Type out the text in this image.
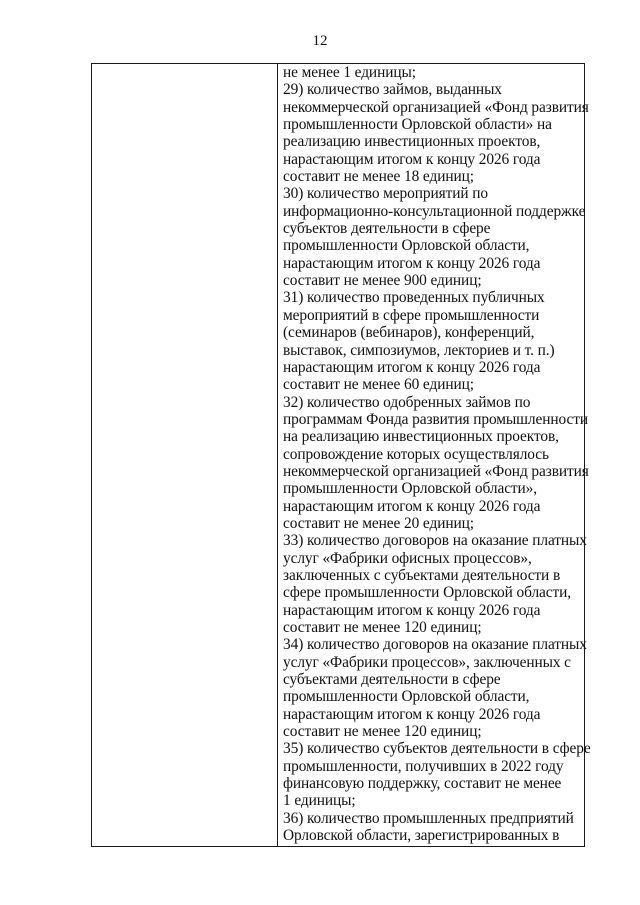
12

не менее 1 единицы;
29) количество займов, выданных
некоммерческой организацией «Фонд развития
промышленности Орловской области» на
реализацию инвестиционных проектов,
нарастающим итогом к концу 2026 года
составит не менее 18 единиц;
30) количество мероприятий по
информационно-консультационной поддержке
субъектов деятельности в сфере
промышленности Орловской области,
нарастающим итогом к концу 2026 года
составит не менее 900 единиц;
31) количество проведенных публичных
мероприятий в сфере промышленности
(семинаров (вебинаров), конференций,
выставок, симпозиумов, лекториев и т. п.)
нарастающим итогом к концу 2026 года
составит не менее 60 единиц;
32) количество одобренных займов по
программам Фонда развития промышленности
на реализацию инвестиционных проектов,
сопровождение которых осуществлялось
некоммерческой организацией «Фонд развития
промышленности Орловской области»,
нарастающим итогом к концу 2026 года
составит не менее 20 единиц;
33) количество договоров на оказание платных
услуг «Фабрики офисных процессов»,
заключенных с субъектами деятельности в
сфере промышленности Орловской области,
нарастающим итогом к концу 2026 года
составит не менее 120 единиц;
34) количество договоров на оказание платных
услуг «Фабрики процессов», заключенных с
субъектами деятельности в сфере
промышленности Орловской области,
нарастающим итогом к концу 2026 года
составит не менее 120 единиц;
35) количество субъектов деятельности в сфере
промышленности, получивших в 2022 году
финансовую поддержку, составит не менее
1 единицы;
36) количество промышленных предприятий
Орловской области, зарегистрированных в
